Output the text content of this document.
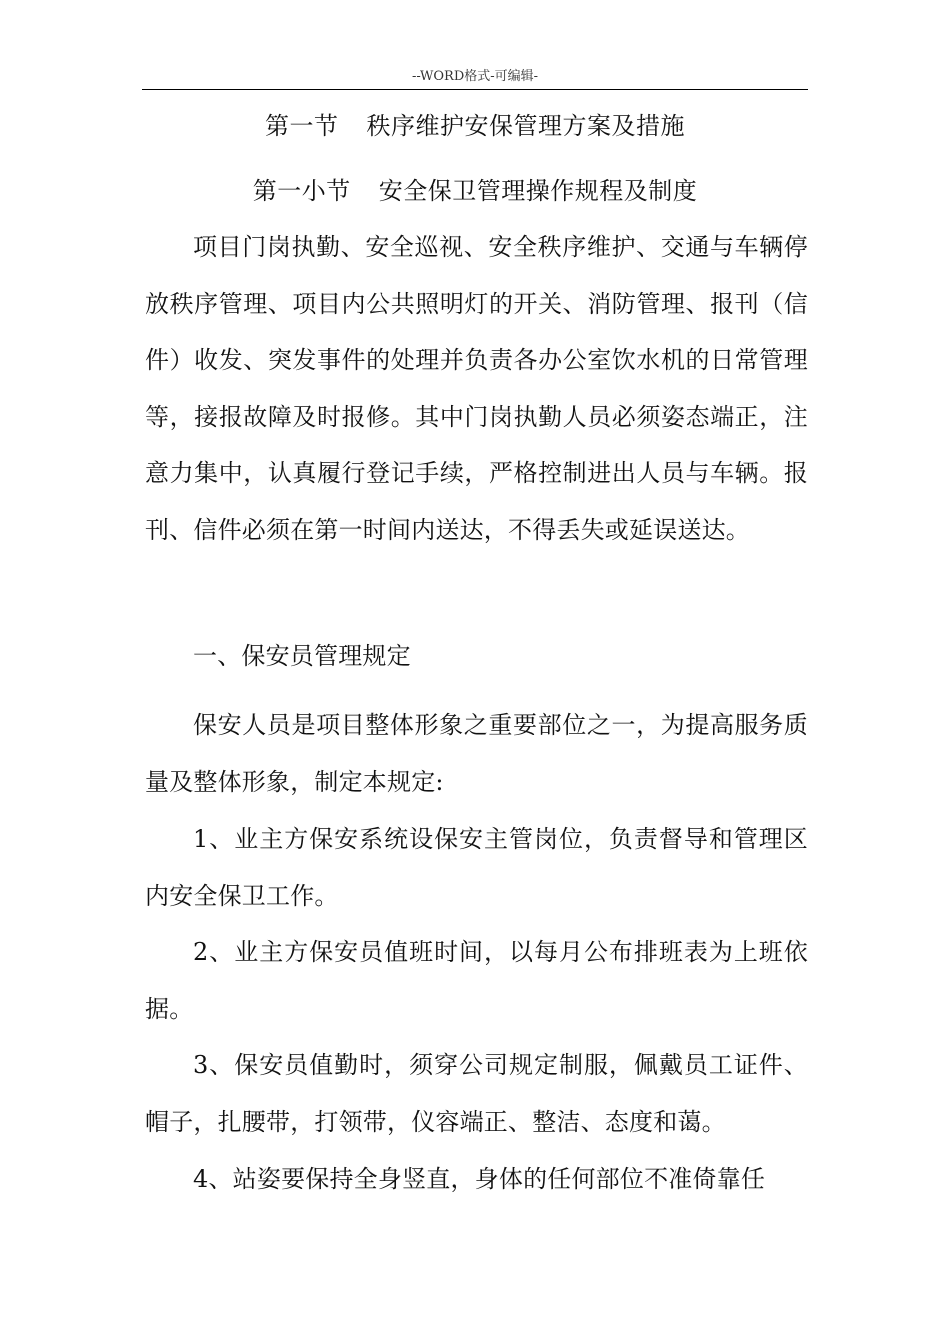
--WORD格式-可编辑-
第一节 秩序维护安保管理方案及措施
第一小节 安全保卫管理操作规程及制度

项目门岗执勤、安全巡视、安全秩序维护、交通与车辆停放秩序管理、项目内公共照明灯的开关、消防管理、报刊（信件）收发、突发事件的处理并负责各办公室饮水机的日常管理等，接报故障及时报修。其中门岗执勤人员必须姿态端正，注意力集中，认真履行登记手续，严格控制进出人员与车辆。报刊、信件必须在第一时间内送达，不得丢失或延误送达。

一、保安员管理规定

保安人员是项目整体形象之重要部位之一，为提高服务质量及整体形象，制定本规定:

1、业主方保安系统设保安主管岗位，负责督导和管理区内安全保卫工作。

2、业主方保安员值班时间，以每月公布排班表为上班依据。

3、保安员值勤时，须穿公司规定制服，佩戴员工证件、帽子，扎腰带，打领带，仪容端正、整洁、态度和蔼。

4、站姿要保持全身竖直，身体的任何部位不准倚靠任
